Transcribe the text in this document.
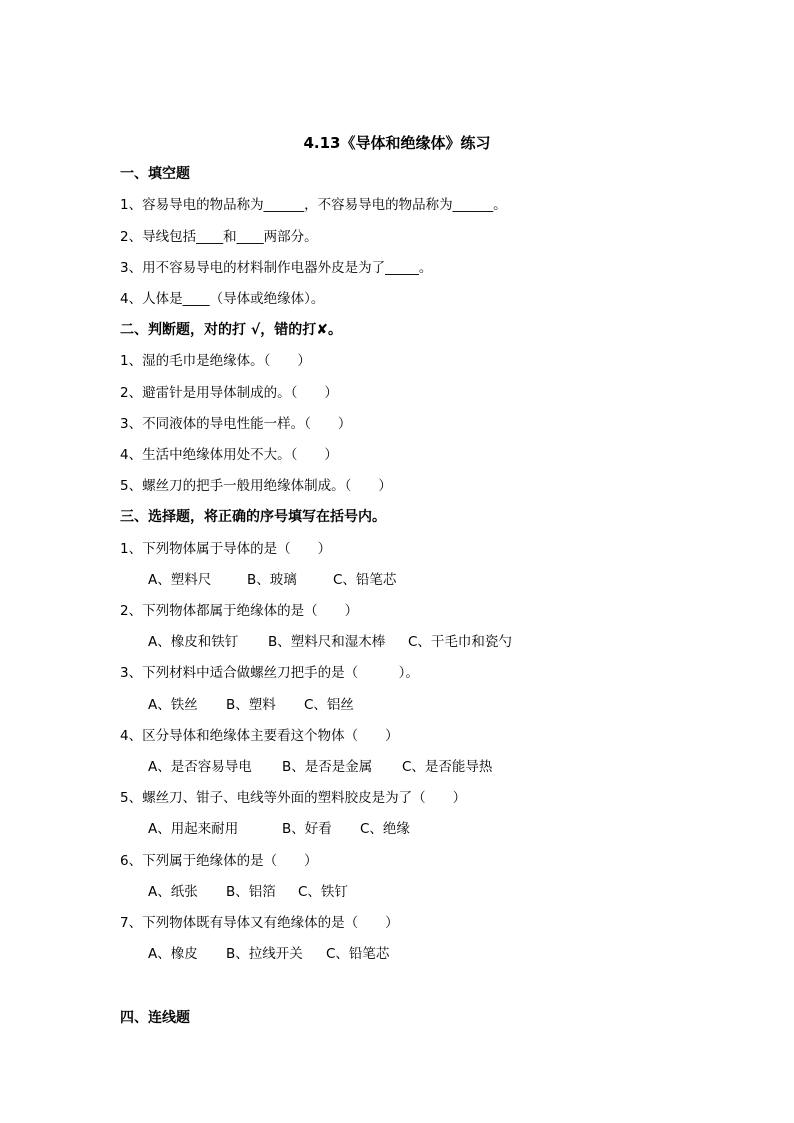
4.13《导体和绝缘体》练习
一、填空题
1、容易导电的物品称为______，不容易导电的物品称为______。
2、导线包括____和____两部分。
3、用不容易导电的材料制作电器外皮是为了_____。
4、人体是____（导体或绝缘体）。
二、判断题，对的打 √，错的打✘。
1、湿的毛巾是绝缘体。（　　）
2、避雷针是用导体制成的。（　　）
3、不同液体的导电性能一样。（　　）
4、生活中绝缘体用处不大。（　　）
5、螺丝刀的把手一般用绝缘体制成。（　　）
三、选择题，将正确的序号填写在括号内。
1、下列物体属于导体的是（　　）
A、塑料尺	B、玻璃	C、铅笔芯
2、下列物体都属于绝缘体的是（　　）
A、橡皮和铁钉 B、塑料尺和湿木棒 C、干毛巾和瓷勺
3、下列材料中适合做螺丝刀把手的是（　　　）。
A、铁丝 B、塑料 C、铝丝
4、区分导体和绝缘体主要看这个物体（　　）
A、是否容易导电 B、是否是金属 C、是否能导热
5、螺丝刀、钳子、电线等外面的塑料胶皮是为了（　　）
A、用起来耐用	B、好看 C、绝缘
6、下列属于绝缘体的是（　　）
A、纸张 B、铝箔 C、铁钉
7、下列物体既有导体又有绝缘体的是（　　）
A、橡皮 B、拉线开关 C、铅笔芯
四、连线题
